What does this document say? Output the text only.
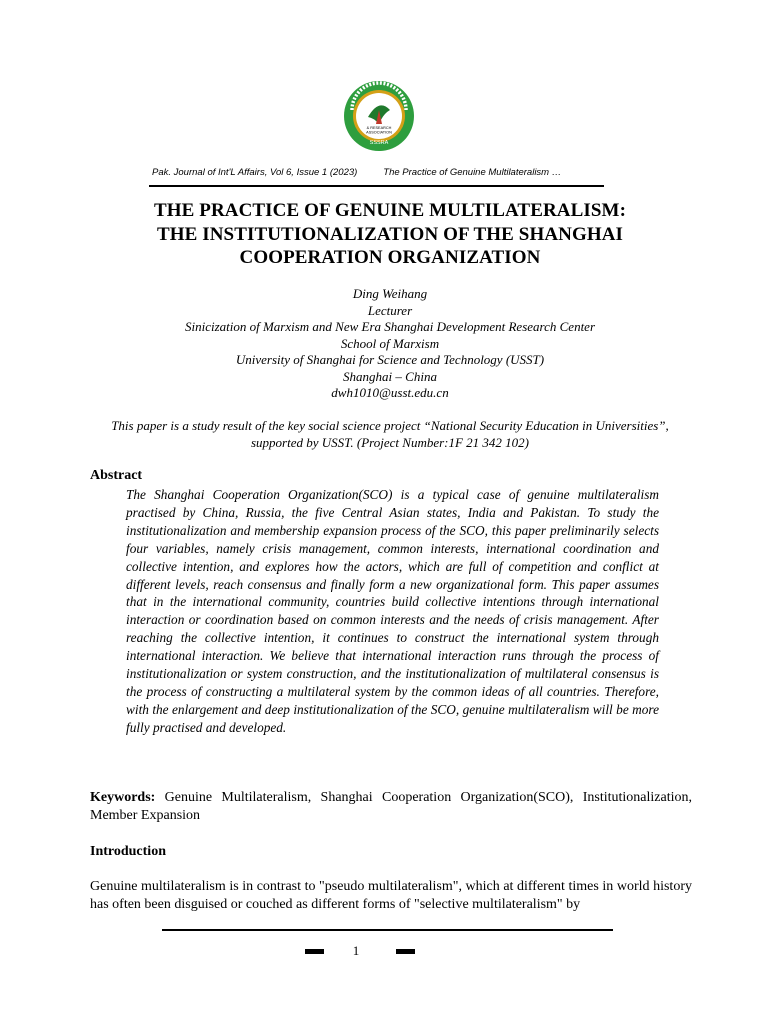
SSSRA
& RESEARCH
ASSOCIATION
Pak. Journal of Int'L Affairs, Vol 6, Issue 1 (2023)	The Practice of Genuine Multilateralism …
THE PRACTICE OF GENUINE MULTILATERALISM:
THE INSTITUTIONALIZATION OF THE SHANGHAI
COOPERATION ORGANIZATION
Ding Weihang
Lecturer
Sinicization of Marxism and New Era Shanghai Development Research Center
School of Marxism
University of Shanghai for Science and Technology (USST)
Shanghai – China
dwh1010@usst.edu.cn
This paper is a study result of the key social science project “National Security Education in Universities”,
supported by USST. (Project Number:1F 21 342 102)
Abstract
The Shanghai Cooperation Organization(SCO) is a typical case of genuine multilateralism practised by China, Russia, the five Central Asian states, India and Pakistan. To study the institutionalization and membership expansion process of the SCO, this paper preliminarily selects four variables, namely crisis management, common interests, international coordination and collective intention, and explores how the actors, which are full of competition and conflict at different levels, reach consensus and finally form a new organizational form. This paper assumes that in the international community, countries build collective intentions through international interaction or coordination based on common interests and the needs of crisis management. After reaching the collective intention, it continues to construct the international system through international interaction. We believe that international interaction runs through the process of institutionalization or system construction, and the institutionalization of multilateral consensus is the process of constructing a multilateral system by the common ideas of all countries. Therefore, with the enlargement and deep institutionalization of the SCO, genuine multilateralism will be more fully practised and developed.
Keywords: Genuine Multilateralism, Shanghai Cooperation Organization(SCO), Institutionalization, Member Expansion
Introduction
Genuine multilateralism is in contrast to "pseudo multilateralism", which at different times in world history has often been disguised or couched as different forms of "selective multilateralism" by
1
